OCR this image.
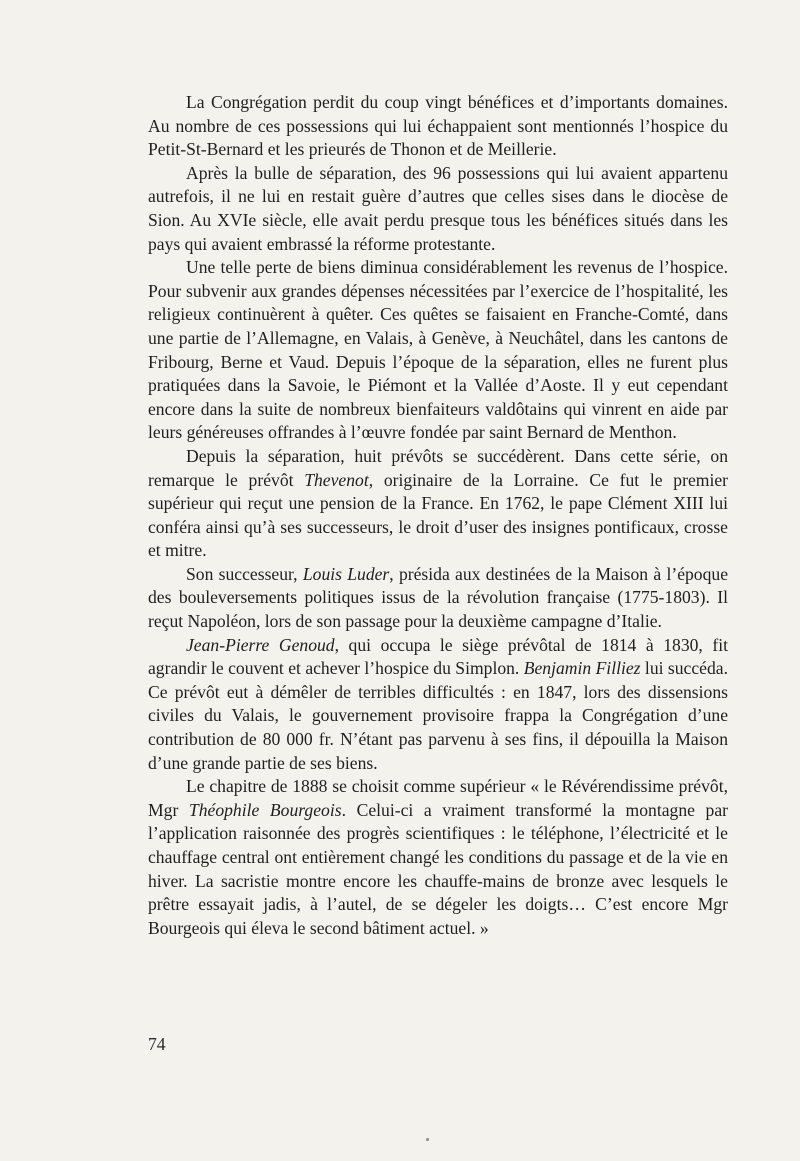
La Congrégation perdit du coup vingt bénéfices et d’importants domaines. Au nombre de ces possessions qui lui échappaient sont mentionnés l’hospice du Petit-St-Bernard et les prieurés de Thonon et de Meillerie.

Après la bulle de séparation, des 96 possessions qui lui avaient appartenu autrefois, il ne lui en restait guère d’autres que celles sises dans le diocèse de Sion. Au XVIe siècle, elle avait perdu presque tous les bénéfices situés dans les pays qui avaient embrassé la réforme protestante.

Une telle perte de biens diminua considérablement les revenus de l’hospice. Pour subvenir aux grandes dépenses nécessitées par l’exercice de l’hospitalité, les religieux continuèrent à quêter. Ces quêtes se faisaient en Franche-Comté, dans une partie de l’Allemagne, en Valais, à Genève, à Neuchâtel, dans les cantons de Fribourg, Berne et Vaud. Depuis l’époque de la séparation, elles ne furent plus pratiquées dans la Savoie, le Piémont et la Vallée d’Aoste. Il y eut cependant encore dans la suite de nombreux bienfaiteurs valdôtains qui vinrent en aide par leurs généreuses offrandes à l’œuvre fondée par saint Bernard de Menthon.

Depuis la séparation, huit prévôts se succédèrent. Dans cette série, on remarque le prévôt Thevenot, originaire de la Lorraine. Ce fut le premier supérieur qui reçut une pension de la France. En 1762, le pape Clément XIII lui conféra ainsi qu’à ses successeurs, le droit d’user des insignes pontificaux, crosse et mitre.

Son successeur, Louis Luder, présida aux destinées de la Maison à l’époque des bouleversements politiques issus de la révolution française (1775-1803). Il reçut Napoléon, lors de son passage pour la deuxième campagne d’Italie.

Jean-Pierre Genoud, qui occupa le siège prévôtal de 1814 à 1830, fit agrandir le couvent et achever l’hospice du Simplon. Benjamin Filliez lui succéda. Ce prévôt eut à démêler de terribles difficultés : en 1847, lors des dissensions civiles du Valais, le gouvernement provisoire frappa la Congrégation d’une contribution de 80 000 fr. N’étant pas parvenu à ses fins, il dépouilla la Maison d’une grande partie de ses biens.

Le chapitre de 1888 se choisit comme supérieur « le Révérendissime prévôt, Mgr Théophile Bourgeois. Celui-ci a vraiment transformé la montagne par l’application raisonnée des progrès scientifiques : le téléphone, l’électricité et le chauffage central ont entièrement changé les conditions du passage et de la vie en hiver. La sacristie montre encore les chauffe-mains de bronze avec lesquels le prêtre essayait jadis, à l’autel, de se dégeler les doigts… C’est encore Mgr Bourgeois qui éleva le second bâtiment actuel. »

74
